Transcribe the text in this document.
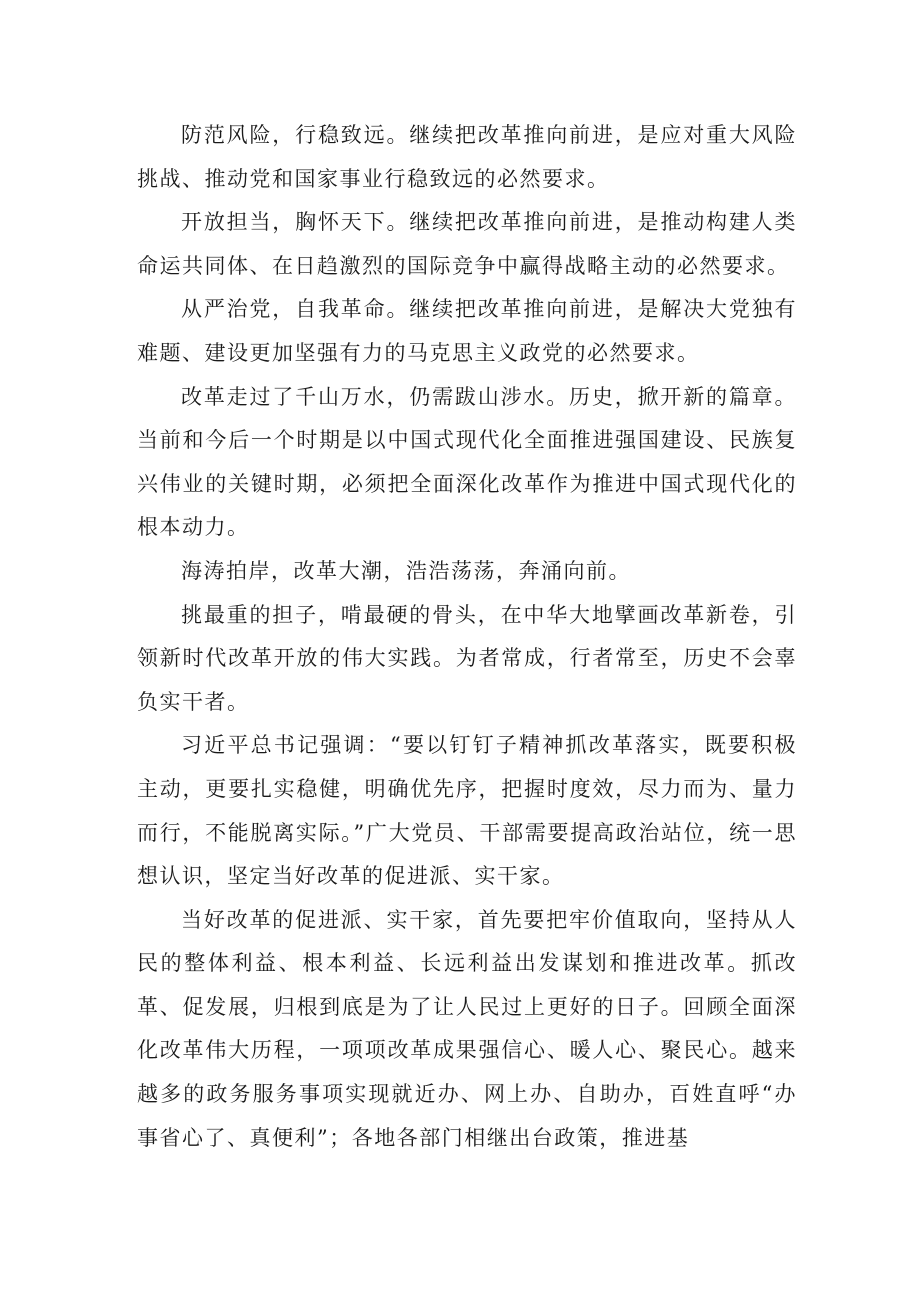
防范风险，行稳致远。继续把改革推向前进，是应对重大风险挑战、推动党和国家事业行稳致远的必然要求。

开放担当，胸怀天下。继续把改革推向前进，是推动构建人类命运共同体、在日趋激烈的国际竞争中赢得战略主动的必然要求。

从严治党，自我革命。继续把改革推向前进，是解决大党独有难题、建设更加坚强有力的马克思主义政党的必然要求。

改革走过了千山万水，仍需跋山涉水。历史，掀开新的篇章。当前和今后一个时期是以中国式现代化全面推进强国建设、民族复兴伟业的关键时期，必须把全面深化改革作为推进中国式现代化的根本动力。

海涛拍岸，改革大潮，浩浩荡荡，奔涌向前。

挑最重的担子，啃最硬的骨头，在中华大地擘画改革新卷，引领新时代改革开放的伟大实践。为者常成，行者常至，历史不会辜负实干者。

习近平总书记强调：“要以钉钉子精神抓改革落实，既要积极主动，更要扎实稳健，明确优先序，把握时度效，尽力而为、量力而行，不能脱离实际。”广大党员、干部需要提高政治站位，统一思想认识，坚定当好改革的促进派、实干家。

当好改革的促进派、实干家，首先要把牢价值取向，坚持从人民的整体利益、根本利益、长远利益出发谋划和推进改革。抓改革、促发展，归根到底是为了让人民过上更好的日子。回顾全面深化改革伟大历程，一项项改革成果强信心、暖人心、聚民心。越来越多的政务服务事项实现就近办、网上办、自助办，百姓直呼“办事省心了、真便利”；各地各部门相继出台政策，推进基
